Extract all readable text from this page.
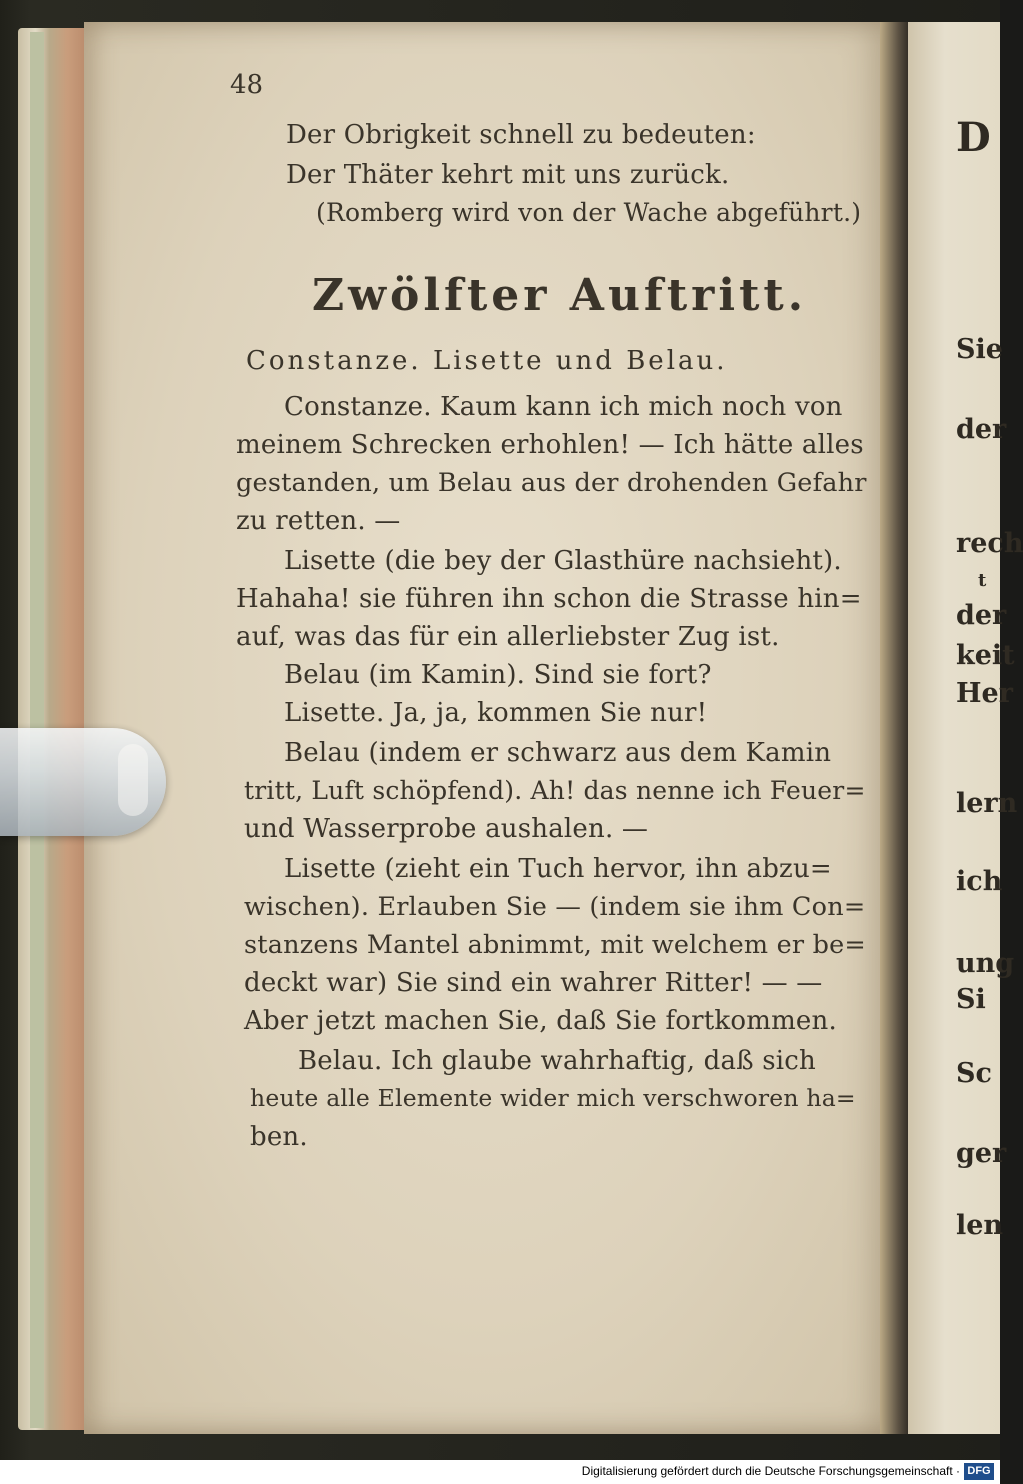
D
Sie
der
rech
t
der
keit
Her
lern
ich
ung
Si
Sc
ger
len
48
Der Obrigkeit schnell zu bedeuten:
Der Thäter kehrt mit uns zurück.
(Romberg wird von der Wache abgeführt.)
Zwölfter Auftritt.
Constanze. Lisette und Belau.
Constanze. Kaum kann ich mich noch von
meinem Schrecken erhohlen! — Ich hätte alles
gestanden, um Belau aus der drohenden Gefahr
zu retten. —
Lisette (die bey der Glasthüre nachsieht).
Hahaha! sie führen ihn schon die Strasse hin=
auf, was das für ein allerliebster Zug ist.
Belau (im Kamin). Sind sie fort?
Lisette. Ja, ja, kommen Sie nur!
Belau (indem er schwarz aus dem Kamin
tritt, Luft schöpfend). Ah! das nenne ich Feuer=
und Wasserprobe aushalen. —
Lisette (zieht ein Tuch hervor, ihn abzu=
wischen). Erlauben Sie — (indem sie ihm Con=
stanzens Mantel abnimmt, mit welchem er be=
deckt war) Sie sind ein wahrer Ritter! — —
Aber jetzt machen Sie, daß Sie fortkommen.
Belau. Ich glaube wahrhaftig, daß sich
heute alle Elemente wider mich verschworen ha=
ben.
Digitalisierung gefördert durch die Deutsche Forschungsgemeinschaft · DFG
